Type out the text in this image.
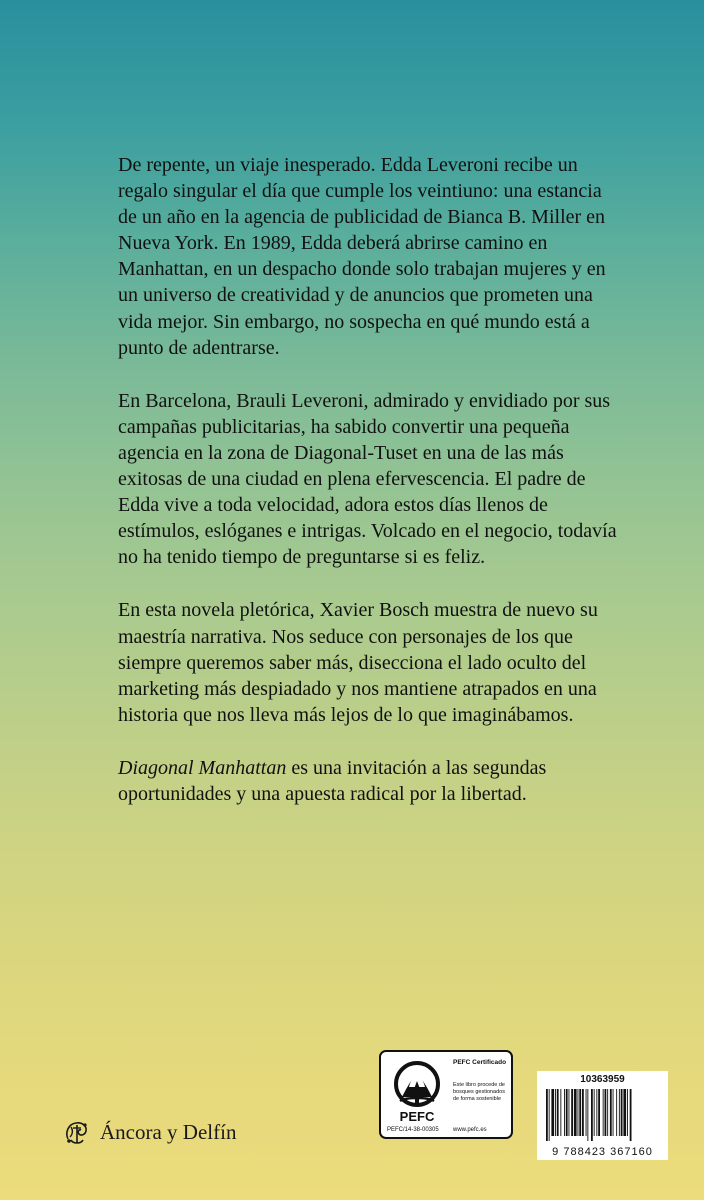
De repente, un viaje inesperado. Edda Leveroni recibe un regalo singular el día que cumple los veintiuno: una estancia de un año en la agencia de publicidad de Bianca B. Miller en Nueva York. En 1989, Edda deberá abrirse camino en Manhattan, en un despacho donde solo trabajan mujeres y en un universo de creatividad y de anuncios que prometen una vida mejor. Sin embargo, no sospecha en qué mundo está a punto de adentrarse.

En Barcelona, Brauli Leveroni, admirado y envidiado por sus campañas publicitarias, ha sabido convertir una pequeña agencia en la zona de Diagonal-Tuset en una de las más exitosas de una ciudad en plena efervescencia. El padre de Edda vive a toda velocidad, adora estos días llenos de estímulos, eslóganes e intrigas. Volcado en el negocio, todavía no ha tenido tiempo de preguntarse si es feliz.

En esta novela pletórica, Xavier Bosch muestra de nuevo su maestría narrativa. Nos seduce con personajes de los que siempre queremos saber más, disecciona el lado oculto del marketing más despiadado y nos mantiene atrapados en una historia que nos lleva más lejos de lo que imaginábamos.

Diagonal Manhattan es una invitación a las segundas oportunidades y una apuesta radical por la libertad.

Áncora y Delfín
PEFC
PEFC Certificado
Este libro procede de bosques gestionados de forma sostenible
PEFC/14-38-00305 www.pefc.es
10363959
9 788423 367160
